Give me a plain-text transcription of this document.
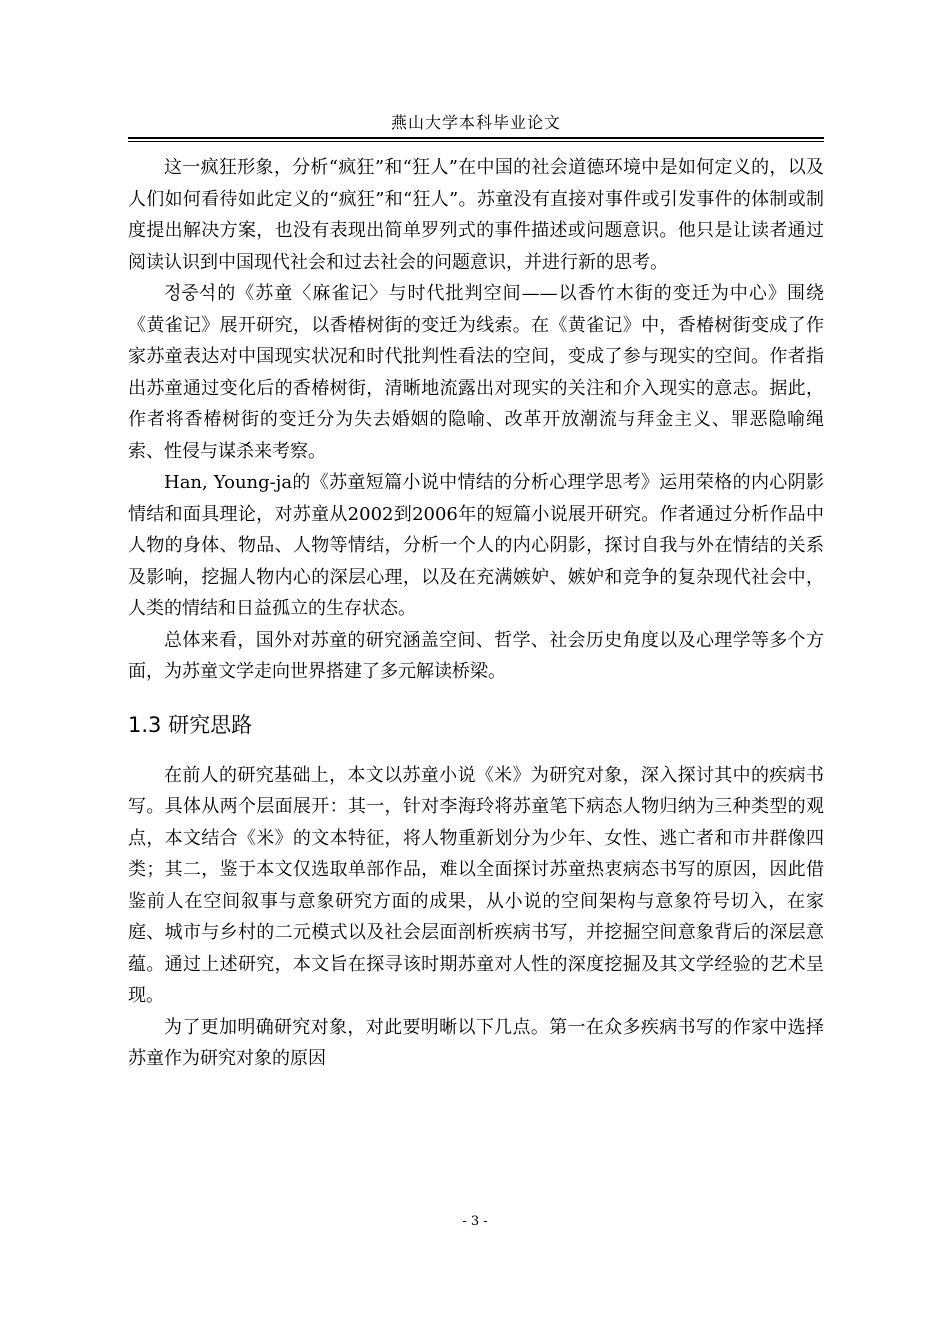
燕山大学本科毕业论文

这一疯狂形象，分析“疯狂”和“狂人”在中国的社会道德环境中是如何定义的，以及人们如何看待如此定义的“疯狂”和“狂人”。苏童没有直接对事件或引发事件的体制或制度提出解决方案，也没有表现出简单罗列式的事件描述或问题意识。他只是让读者通过阅读认识到中国现代社会和过去社会的问题意识，并进行新的思考。

정중석的《苏童〈麻雀记〉与时代批判空间——以香竹木街的变迁为中心》围绕《黄雀记》展开研究，以香椿树街的变迁为线索。在《黄雀记》中，香椿树街变成了作家苏童表达对中国现实状况和时代批判性看法的空间，变成了参与现实的空间。作者指出苏童通过变化后的香椿树街，清晰地流露出对现实的关注和介入现实的意志。据此，作者将香椿树街的变迁分为失去婚姻的隐喻、改革开放潮流与拜金主义、罪恶隐喻绳索、性侵与谋杀来考察。

Han, Young-ja的《苏童短篇小说中情结的分析心理学思考》运用荣格的内心阴影情结和面具理论，对苏童从2002到2006年的短篇小说展开研究。作者通过分析作品中人物的身体、物品、人物等情结，分析一个人的内心阴影，探讨自我与外在情结的关系及影响，挖掘人物内心的深层心理，以及在充满嫉妒、嫉妒和竞争的复杂现代社会中，人类的情结和日益孤立的生存状态。

总体来看，国外对苏童的研究涵盖空间、哲学、社会历史角度以及心理学等多个方面，为苏童文学走向世界搭建了多元解读桥梁。

1.3 研究思路

在前人的研究基础上，本文以苏童小说《米》为研究对象，深入探讨其中的疾病书写。具体从两个层面展开：其一，针对李海玲将苏童笔下病态人物归纳为三种类型的观点，本文结合《米》的文本特征，将人物重新划分为少年、女性、逃亡者和市井群像四类；其二，鉴于本文仅选取单部作品，难以全面探讨苏童热衷病态书写的原因，因此借鉴前人在空间叙事与意象研究方面的成果，从小说的空间架构与意象符号切入，在家庭、城市与乡村的二元模式以及社会层面剖析疾病书写，并挖掘空间意象背后的深层意蕴。通过上述研究，本文旨在探寻该时期苏童对人性的深度挖掘及其文学经验的艺术呈现。

为了更加明确研究对象，对此要明晰以下几点。第一在众多疾病书写的作家中选择苏童作为研究对象的原因

- 3 -
